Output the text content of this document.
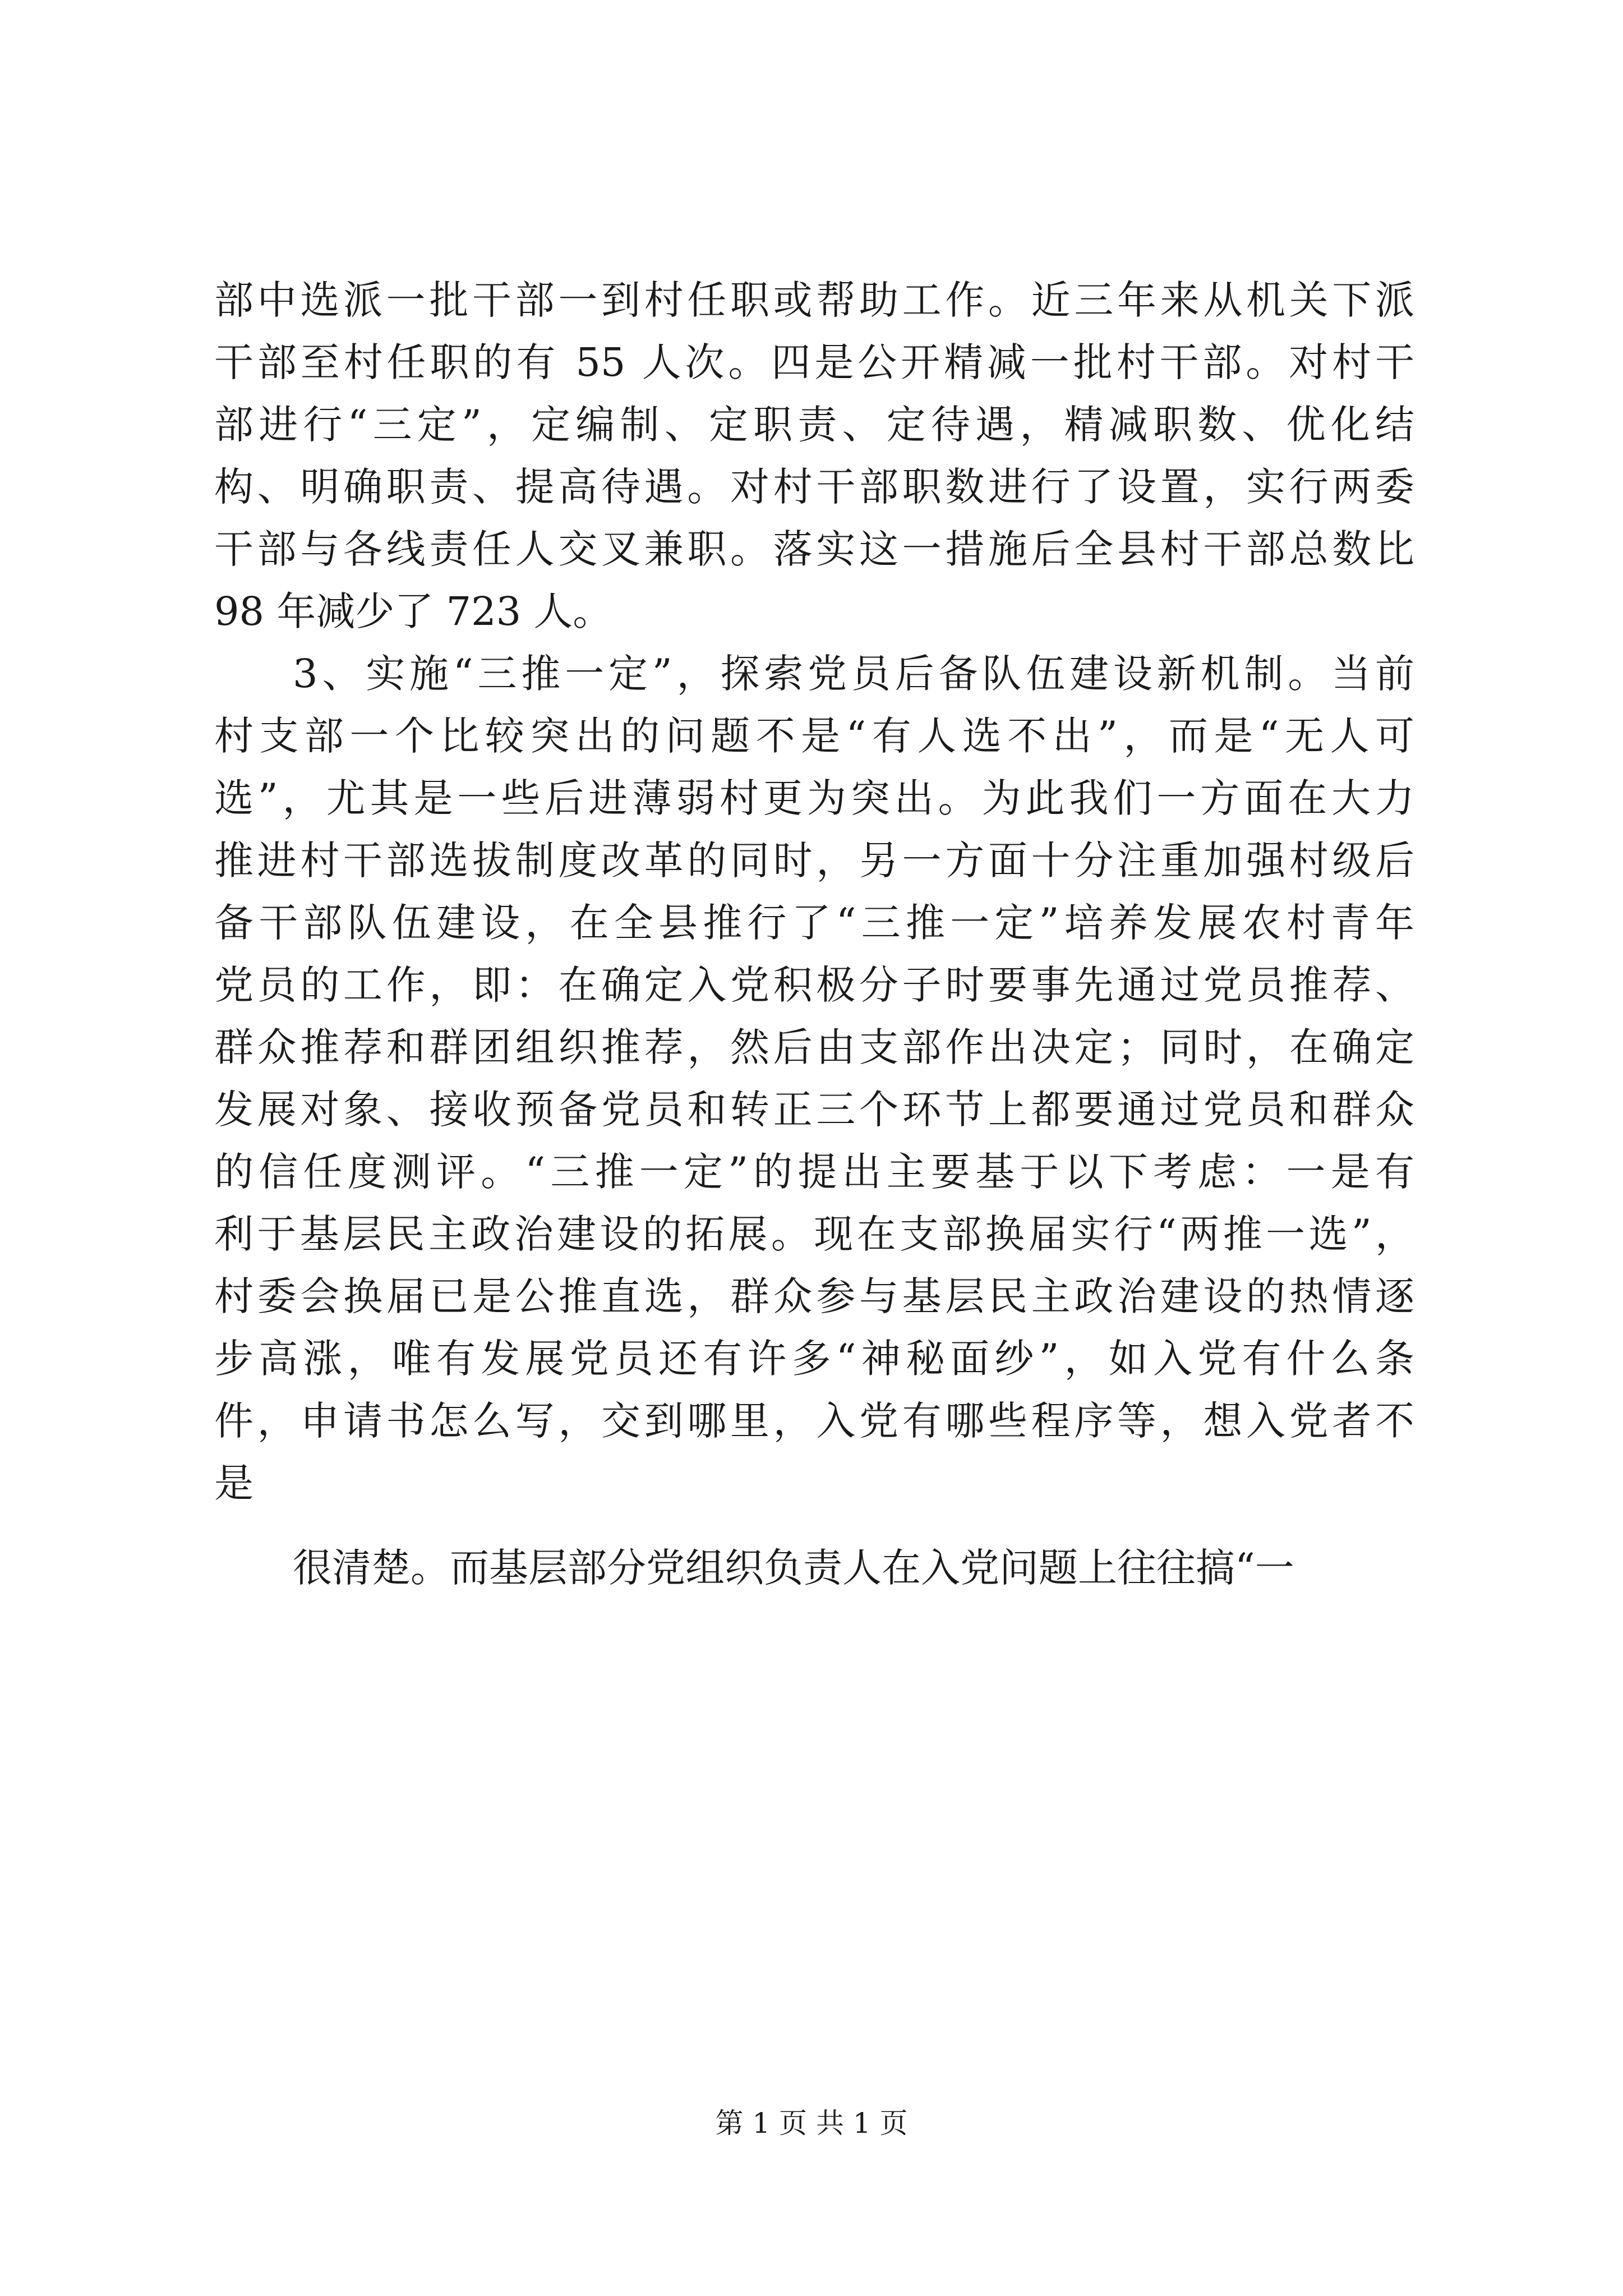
部中选派一批干部一到村任职或帮助工作。近三年来从机关下派
干部至村任职的有 55 人次。四是公开精减一批村干部。对村干
部进行“三定”，定编制、定职责、定待遇，精减职数、优化结
构、明确职责、提高待遇。对村干部职数进行了设置，实行两委
干部与各线责任人交叉兼职。落实这一措施后全县村干部总数比
98 年减少了 723 人。
3、实施“三推一定”，探索党员后备队伍建设新机制。当前
村支部一个比较突出的问题不是“有人选不出”，而是“无人可
选”，尤其是一些后进薄弱村更为突出。为此我们一方面在大力
推进村干部选拔制度改革的同时，另一方面十分注重加强村级后
备干部队伍建设，在全县推行了“三推一定”培养发展农村青年
党员的工作，即：在确定入党积极分子时要事先通过党员推荐、
群众推荐和群团组织推荐，然后由支部作出决定；同时，在确定
发展对象、接收预备党员和转正三个环节上都要通过党员和群众
的信任度测评。“三推一定”的提出主要基于以下考虑：一是有
利于基层民主政治建设的拓展。现在支部换届实行“两推一选”，
村委会换届已是公推直选，群众参与基层民主政治建设的热情逐
步高涨，唯有发展党员还有许多“神秘面纱”，如入党有什么条
件，申请书怎么写，交到哪里，入党有哪些程序等，想入党者不
是
很清楚。而基层部分党组织负责人在入党问题上往往搞“一
第 1 页 共 1 页
